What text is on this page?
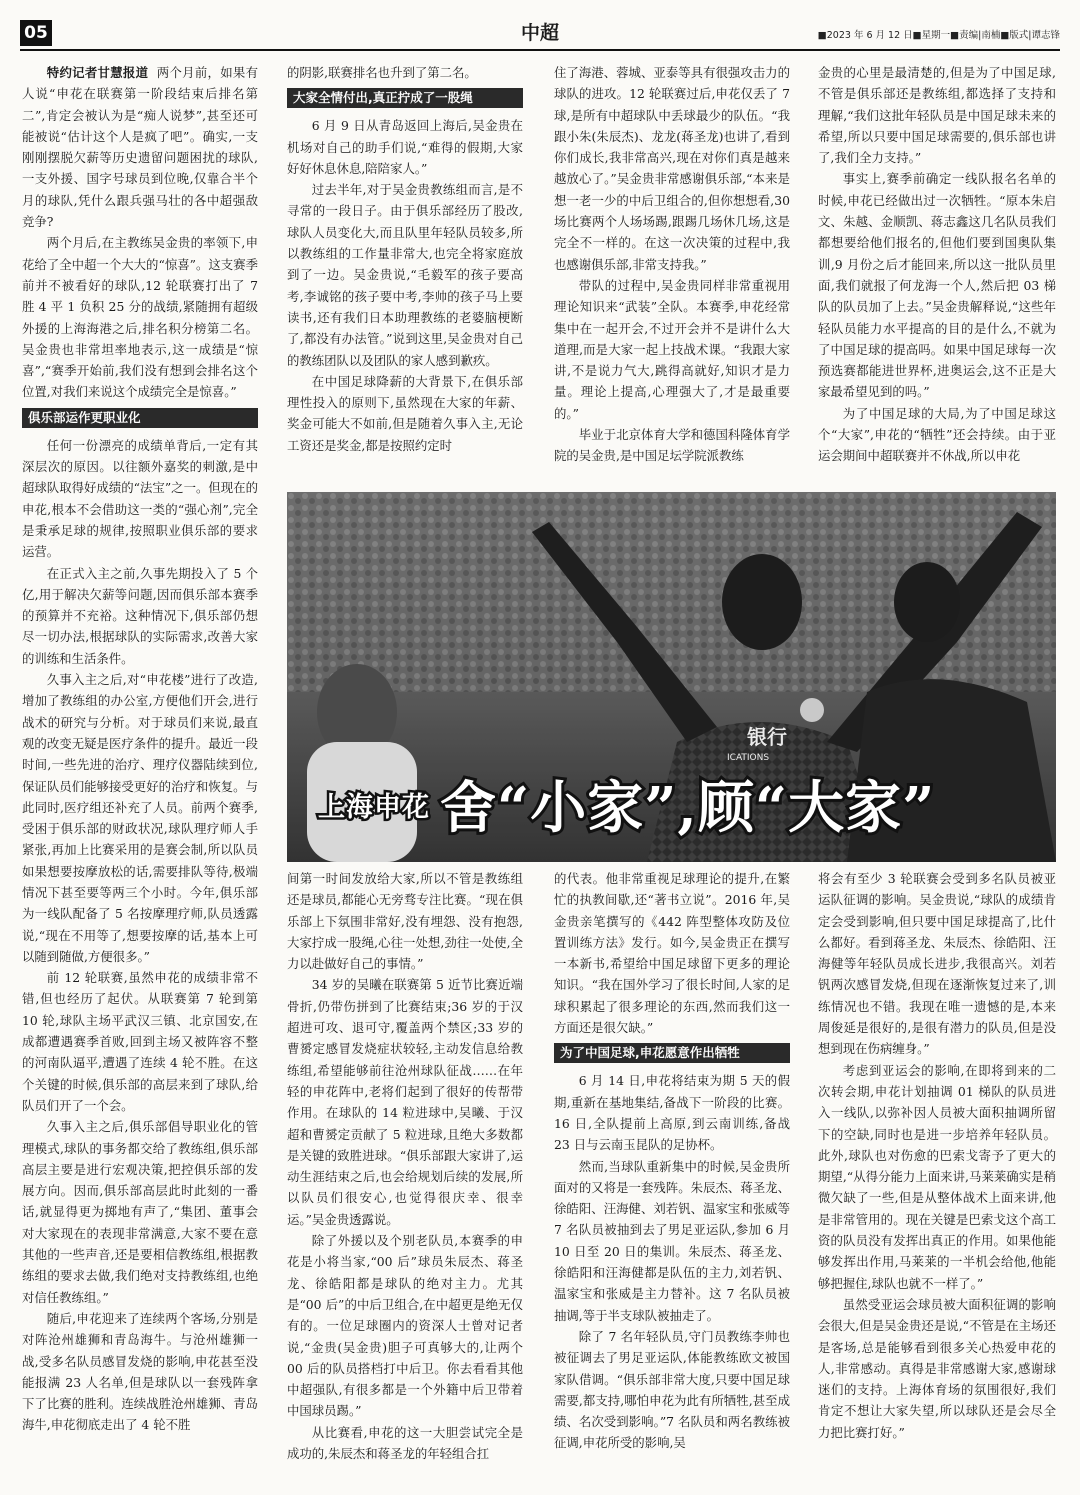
05	中超	■2023 年 6 月 12 日■星期一■责编|南楠■版式|谭志锋

特约记者甘慧报道 两个月前，如果有人说“申花在联赛第一阶段结束后排名第二”,肯定会被认为是“痴人说梦”,甚至还可能被说“估计这个人是疯了吧”。确实,一支刚刚摆脱欠薪等历史遗留问题困扰的球队,一支外援、国字号球员到位晚,仅靠合半个月的球队,凭什么跟兵强马壮的各中超强敌竞争?

两个月后,在主教练吴金贵的率领下,申花给了全中超一个大大的“惊喜”。这支赛季前并不被看好的球队,12 轮联赛打出了 7 胜 4 平 1 负积 25 分的战绩,紧随拥有超级外援的上海海港之后,排名积分榜第二名。吴金贵也非常坦率地表示,这一成绩是“惊喜”,“赛季开始前,我们没有想到会排名这个位置,对我们来说这个成绩完全是惊喜。”

俱乐部运作更职业化

任何一份漂亮的成绩单背后,一定有其深层次的原因。以往额外嘉奖的刺激,是中超球队取得好成绩的“法宝”之一。但现在的申花,根本不会借助这一类的“强心剂”,完全是秉承足球的规律,按照职业俱乐部的要求运营。

在正式入主之前,久事先期投入了 5 个亿,用于解决欠薪等问题,因而俱乐部本赛季的预算并不充裕。这种情况下,俱乐部仍想尽一切办法,根据球队的实际需求,改善大家的训练和生活条件。

久事入主之后,对“申花楼”进行了改造,增加了教练组的办公室,方便他们开会,进行战术的研究与分析。对于球员们来说,最直观的改变无疑是医疗条件的提升。最近一段时间,一些先进的治疗、理疗仪器陆续到位,保证队员们能够接受更好的治疗和恢复。与此同时,医疗组还补充了人员。前两个赛季,受困于俱乐部的财政状况,球队理疗师人手紧张,再加上比赛采用的是赛会制,所以队员如果想要按摩放松的话,需要排队等待,极端情况下甚至要等两三个小时。今年,俱乐部为一线队配备了 5 名按摩理疗师,队员透露说,“现在不用等了,想要按摩的话,基本上可以随到随做,方便很多。”

前 12 轮联赛,虽然申花的成绩非常不错,但也经历了起伏。从联赛第 7 轮到第 10 轮,球队主场平武汉三镇、北京国安,在成都遭遇赛季首败,回到主场又被阵容不整的河南队逼平,遭遇了连续 4 轮不胜。在这个关键的时候,俱乐部的高层来到了球队,给队员们开了一个会。

久事入主之后,俱乐部倡导职业化的管理模式,球队的事务都交给了教练组,俱乐部高层主要是进行宏观决策,把控俱乐部的发展方向。因而,俱乐部高层此时此刻的一番话,就显得更为掷地有声了,“集团、董事会对大家现在的表现非常满意,大家不要在意其他的一些声音,还是要相信教练组,根据教练组的要求去做,我们绝对支持教练组,也绝对信任教练组。”

随后,申花迎来了连续两个客场,分别是对阵沧州雄狮和青岛海牛。与沧州雄狮一战,受多名队员感冒发烧的影响,申花甚至没能报满 23 人名单,但是球队以一套残阵拿下了比赛的胜利。连续战胜沧州雄狮、青岛海牛,申花彻底走出了 4 轮不胜

的阴影,联赛排名也升到了第二名。

大家全情付出,真正拧成了一股绳

6 月 9 日从青岛返回上海后,吴金贵在机场对自己的助手们说,“难得的假期,大家好好休息休息,陪陪家人。”

过去半年,对于吴金贵教练组而言,是不寻常的一段日子。由于俱乐部经历了股改,球队人员变化大,而且队里年轻队员较多,所以教练组的工作量非常大,也完全将家庭放到了一边。吴金贵说,“毛毅军的孩子要高考,李诚铭的孩子要中考,李帅的孩子马上要读书,还有我们日本助理教练的老婆脑梗断了,都没有办法管。”说到这里,吴金贵对自己的教练团队以及团队的家人感到歉疚。

在中国足球降薪的大背景下,在俱乐部理性投入的原则下,虽然现在大家的年薪、奖金可能大不如前,但是随着久事入主,无论工资还是奖金,都是按照约定时

住了海港、蓉城、亚泰等具有很强攻击力的球队的进攻。12 轮联赛过后,申花仅丢了 7 球,是所有中超球队中丢球最少的队伍。“我跟小朱(朱辰杰)、龙龙(蒋圣龙)也讲了,看到你们成长,我非常高兴,现在对你们真是越来越放心了。”吴金贵非常感谢俱乐部,“本来是想一老一少的中后卫组合的,但你想想看,30 场比赛两个人场场踢,跟踢几场休几场,这是完全不一样的。在这一次决策的过程中,我也感谢俱乐部,非常支持我。”

带队的过程中,吴金贵同样非常重视用理论知识来“武装”全队。本赛季,申花经常集中在一起开会,不过开会并不是讲什么大道理,而是大家一起上技战术课。“我跟大家讲,不是说力气大,跳得高就好,知识才是力量。理论上提高,心理强大了,才是最重要的。”

毕业于北京体育大学和德国科隆体育学院的吴金贵,是中国足坛学院派教练

金贵的心里是最清楚的,但是为了中国足球,不管是俱乐部还是教练组,都选择了支持和理解,“我们这批年轻队员是中国足球未来的希望,所以只要中国足球需要的,俱乐部也讲了,我们全力支持。”

事实上,赛季前确定一线队报名名单的时候,申花已经做出过一次牺牲。“原本朱启文、朱越、金顺凯、蒋志鑫这几名队员我们都想要给他们报名的,但他们要到国奥队集训,9 月份之后才能回来,所以这一批队员里面,我们就报了何龙海一个人,然后把 03 梯队的队员加了上去。”吴金贵解释说,“这些年轻队员能力水平提高的目的是什么,不就为了中国足球的提高吗。如果中国足球每一次预选赛都能进世界杯,进奥运会,这不正是大家最希望见到的吗。”

为了中国足球的大局,为了中国足球这个“大家”,申花的“牺牲”还会持续。由于亚运会期间中超联赛并不休战,所以申花

银行
ICATIONS
上海申花 舍“小家”,顾“大家”

间第一时间发放给大家,所以不管是教练组还是球员,都能心无旁骛专注比赛。“现在俱乐部上下氛围非常好,没有埋怨、没有抱怨,大家拧成一股绳,心往一处想,劲往一处使,全力以赴做好自己的事情。”

34 岁的吴曦在联赛第 5 近节比赛近端骨折,仍带伤拼到了比赛结束;36 岁的于汉超进可攻、退可守,覆盖两个禁区;33 岁的曹赟定感冒发烧症状较轻,主动发信息给教练组,希望能够前往沧州球队征战……在年轻的申花阵中,老将们起到了很好的传帮带作用。在球队的 14 粒进球中,吴曦、于汉超和曹赟定贡献了 5 粒进球,且绝大多数都是关键的致胜进球。“俱乐部跟大家讲了,运动生涯结束之后,也会给规划后续的发展,所以队员们很安心,也觉得很庆幸、很幸运。”吴金贵透露说。

除了外援以及个别老队员,本赛季的申花是小将当家,“00 后”球员朱辰杰、蒋圣龙、徐皓阳都是球队的绝对主力。尤其是“00 后”的中后卫组合,在中超更是绝无仅有的。一位足球圈内的资深人士曾对记者说,“金贵(吴金贵)胆子可真够大的,让两个 00 后的队员搭档打中后卫。你去看看其他中超强队,有很多都是一个外籍中后卫带着中国球员踢。”

从比赛看,申花的这一大胆尝试完全是成功的,朱辰杰和蒋圣龙的年轻组合扛

的代表。他非常重视足球理论的提升,在繁忙的执教间歇,还“著书立说”。2016 年,吴金贵亲笔撰写的《442 阵型整体攻防及位置训练方法》发行。如今,吴金贵正在撰写一本新书,希望给中国足球留下更多的理论知识。“我在国外学习了很长时间,人家的足球积累起了很多理论的东西,然而我们这一方面还是很欠缺。”

为了中国足球,申花愿意作出牺牲

6 月 14 日,申花将结束为期 5 天的假期,重新在基地集结,备战下一阶段的比赛。16 日,全队提前上高原,到云南训练,备战 23 日与云南玉昆队的足协杯。

然而,当球队重新集中的时候,吴金贵所面对的又将是一套残阵。朱辰杰、蒋圣龙、徐皓阳、汪海健、刘若钒、温家宝和张威等 7 名队员被抽到去了男足亚运队,参加 6 月 10 日至 20 日的集训。朱辰杰、蒋圣龙、徐皓阳和汪海健都是队伍的主力,刘若钒、温家宝和张威是主力替补。这 7 名队员被抽调,等于半支球队被抽走了。

除了 7 名年轻队员,守门员教练李帅也被征调去了男足亚运队,体能教练欧文被国家队借调。“俱乐部非常大度,只要中国足球需要,都支持,哪怕申花为此有所牺牲,甚至成绩、名次受到影响。”7 名队员和两名教练被征调,申花所受的影响,吴

将会有至少 3 轮联赛会受到多名队员被亚运队征调的影响。吴金贵说,“球队的成绩肯定会受到影响,但只要中国足球提高了,比什么都好。看到蒋圣龙、朱辰杰、徐皓阳、汪海健等年轻队员成长进步,我很高兴。刘若钒两次感冒发烧,但现在逐渐恢复过来了,训练情况也不错。我现在唯一遗憾的是,本来周俊延是很好的,是很有潜力的队员,但是没想到现在伤病缠身。”

考虑到亚运会的影响,在即将到来的二次转会期,申花计划抽调 01 梯队的队员进入一线队,以弥补因人员被大面积抽调所留下的空缺,同时也是进一步培养年轻队员。此外,球队也对伤愈的巴索戈寄予了更大的期望,“从得分能力上面来讲,马莱莱确实是稍微欠缺了一些,但是从整体战术上面来讲,他是非常管用的。现在关键是巴索戈这个高工资的队员没有发挥出真正的作用。如果他能够发挥出作用,马莱莱的一半机会给他,他能够把握住,球队也就不一样了。”

虽然受亚运会球员被大面积征调的影响会很大,但是吴金贵还是说,“不管是在主场还是客场,总是能够看到很多关心热爱申花的人,非常感动。真得是非常感谢大家,感谢球迷们的支持。上海体育场的氛围很好,我们肯定不想让大家失望,所以球队还是会尽全力把比赛打好。”
